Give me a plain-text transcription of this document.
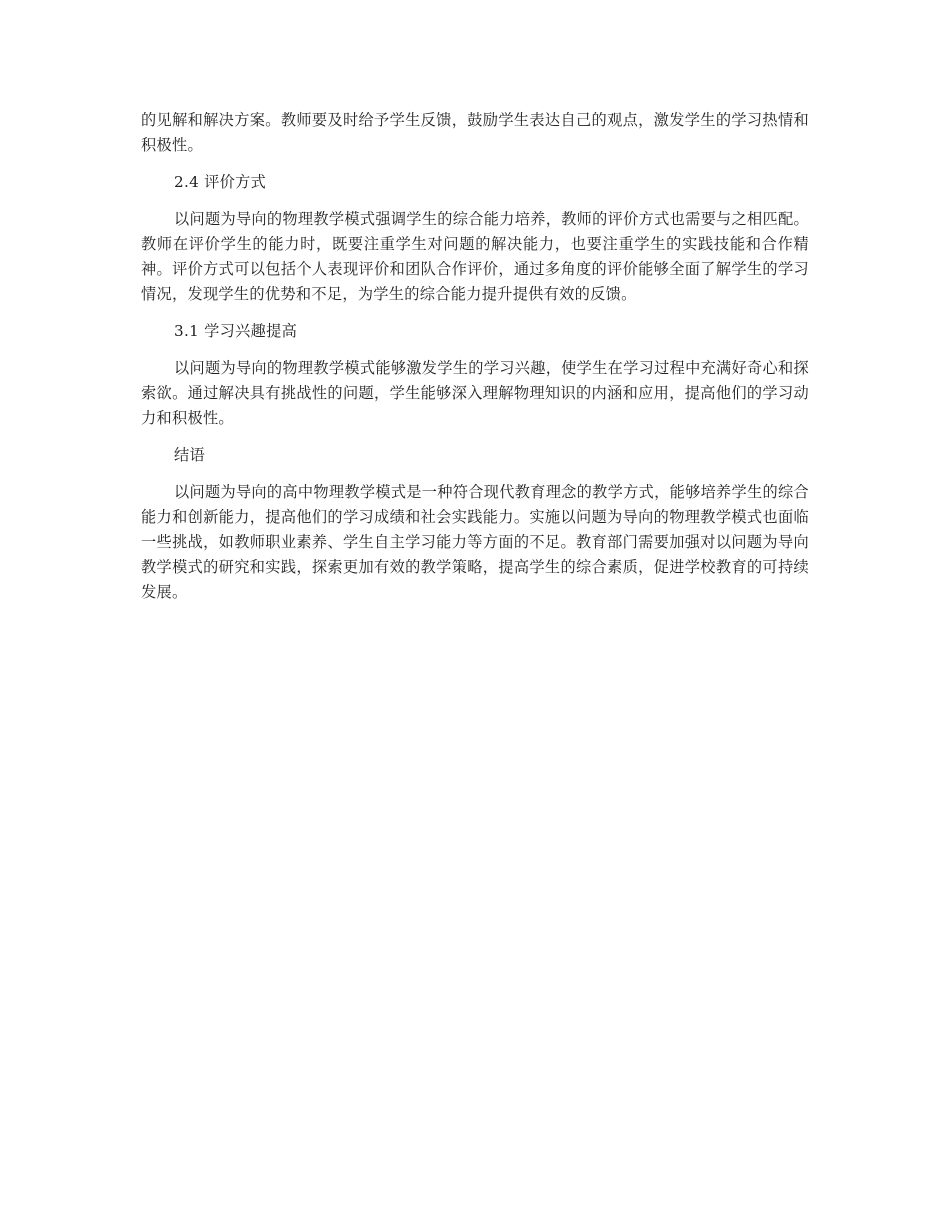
的见解和解决方案。教师要及时给予学生反馈，鼓励学生表达自己的观点，激发学生的学习热情和积极性。

2.4 评价方式

以问题为导向的物理教学模式强调学生的综合能力培养，教师的评价方式也需要与之相匹配。教师在评价学生的能力时，既要注重学生对问题的解决能力，也要注重学生的实践技能和合作精神。评价方式可以包括个人表现评价和团队合作评价，通过多角度的评价能够全面了解学生的学习情况，发现学生的优势和不足，为学生的综合能力提升提供有效的反馈。

3.1 学习兴趣提高

以问题为导向的物理教学模式能够激发学生的学习兴趣，使学生在学习过程中充满好奇心和探索欲。通过解决具有挑战性的问题，学生能够深入理解物理知识的内涵和应用，提高他们的学习动力和积极性。

结语

以问题为导向的高中物理教学模式是一种符合现代教育理念的教学方式，能够培养学生的综合能力和创新能力，提高他们的学习成绩和社会实践能力。实施以问题为导向的物理教学模式也面临一些挑战，如教师职业素养、学生自主学习能力等方面的不足。教育部门需要加强对以问题为导向教学模式的研究和实践，探索更加有效的教学策略，提高学生的综合素质，促进学校教育的可持续发展。
